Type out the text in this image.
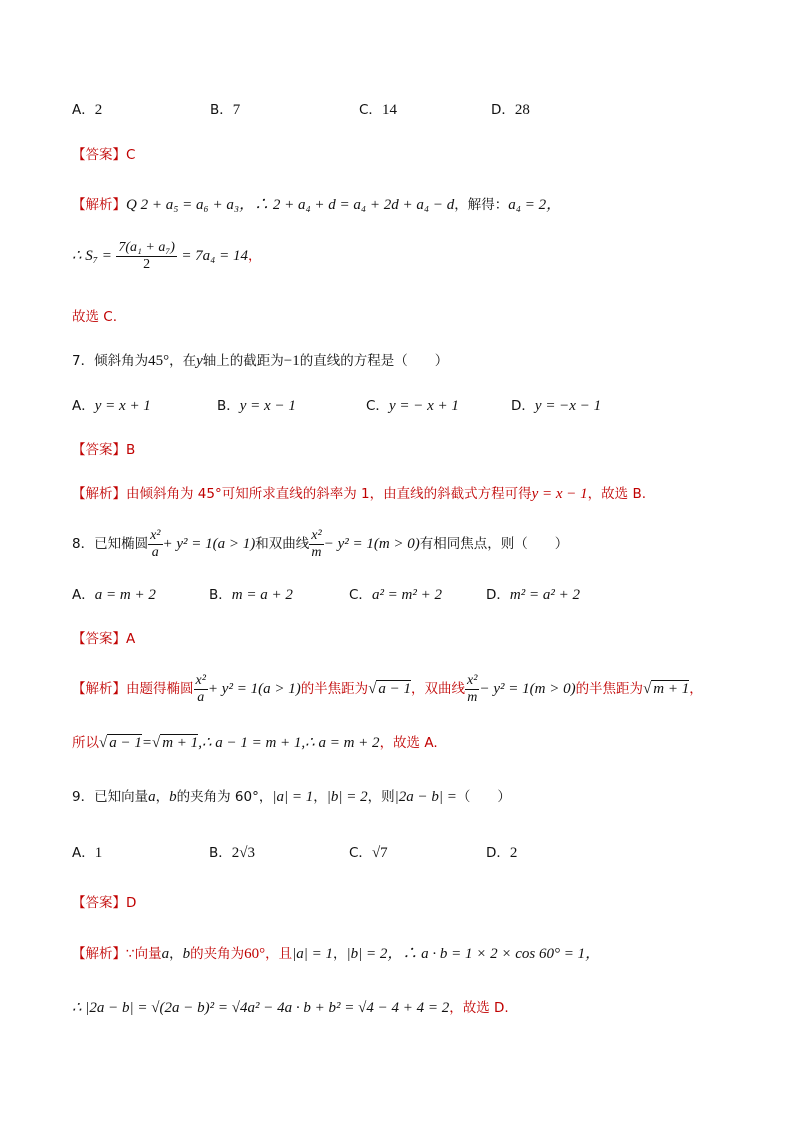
A．2	B．7	C．14	D．28
【答案】C
【解析】Q 2 + a₅ = a₆ + a₃，∴ 2 + a₄ + d = a₄ + 2d + a₄ − d，解得：a₄ = 2，
∴ $S_7 = \frac{\text{7(a₁ + a₇)}}{2} = 7a_4 = 14$，
故选 C.
7．倾斜角为45°，在y轴上的截距为−1的直线的方程是（　　）
A．y = x + 1	B．y = x − 1	C．y = − x + 1	D．y = −x − 1
【答案】B
【解析】由倾斜角为 45°可知所求直线的斜率为 1，由直线的斜截式方程可得y = x − 1，故选 B.
8．已知椭圆 $\frac{\text{x²}}{a} + y^2 = 1(a > 1)$和双曲线 $\frac{\text{x²}}{m} - y^2 = 1(m > 0)$有相同焦点，则（　　）
A．a = m + 2	B．m = a + 2	C．a² = m² + 2	D．m² = a² + 2
【答案】A
【解析】由题得椭圆 $\frac{\text{x²}}{a} + y^2 = 1(a > 1)$的半焦距为√ a − 1，双曲线 $\frac{\text{x²}}{m} - y^2 = 1(m > 0)$的半焦距为√ m + 1，
所以√ a − 1=√ m + 1,∴ a − 1 = m + 1,∴ a = m + 2，故选 A.
9．已知向量a，b的夹角为 60°，|a| = 1，|b| = 2，则|2a − b| =（　　）
A．1	B．2√3	C．√7	D．2
【答案】D
【解析】∵向量a，b的夹角为60°，且|a| = 1，|b| = 2，∴ a · b = 1 × 2 × cos 60° = 1，
∴ |2a − b| = √(2a − b)² = √4a² − 4a · b + b² = √4 − 4 + 4 = 2，故选 D.
